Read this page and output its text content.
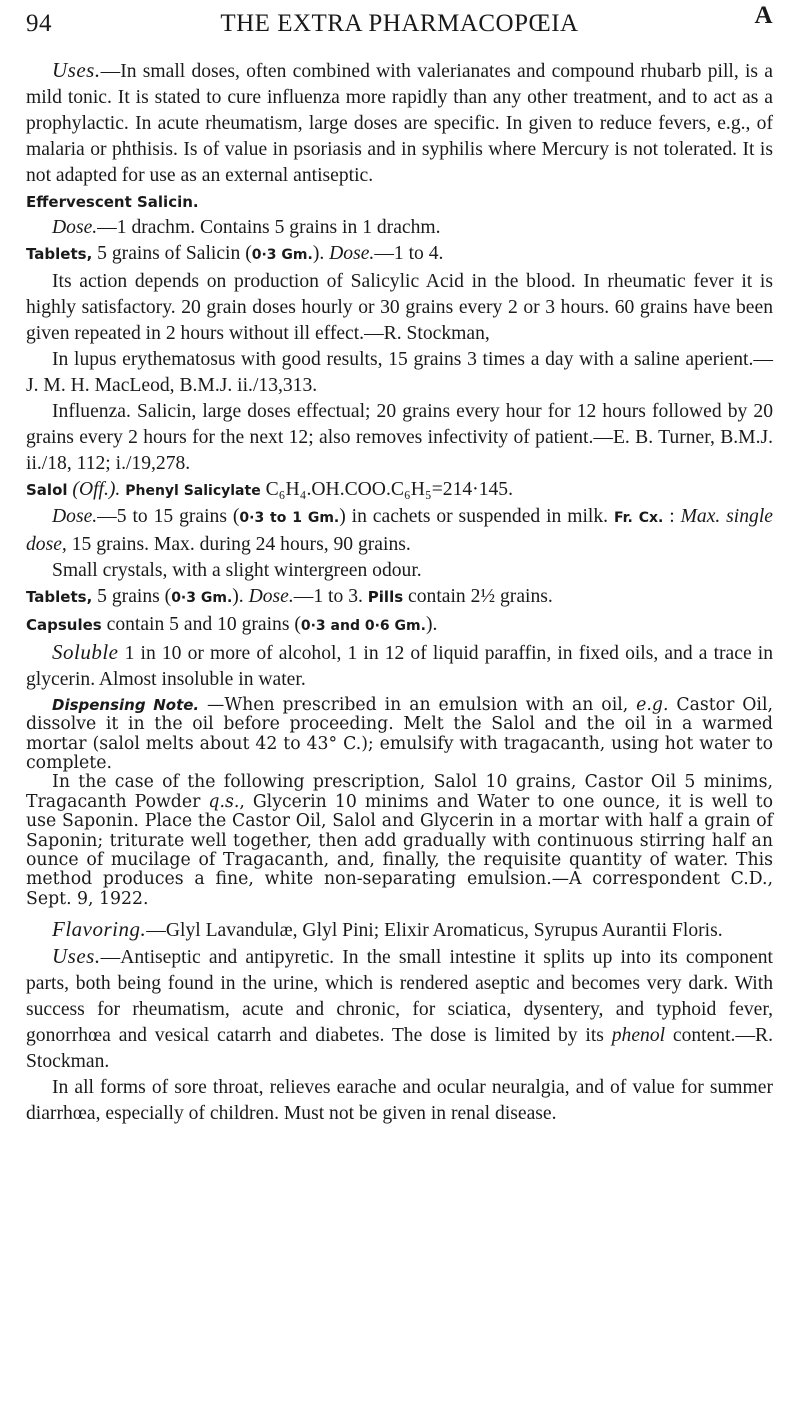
94	THE EXTRA PHARMACOPŒIA	A

Uses.—In small doses, often combined with valerianates and compound rhubarb pill, is a mild tonic. It is stated to cure influenza more rapidly than any other treatment, and to act as a prophylactic. In acute rheumatism, large doses are specific. In given to reduce fevers, e.g., of malaria or phthisis. Is of value in psoriasis and in syphilis where Mercury is not tolerated. It is not adapted for use as an external antiseptic.

Effervescent Salicin.

Dose.—1 drachm. Contains 5 grains in 1 drachm.

Tablets, 5 grains of Salicin (0·3 Gm.). Dose.—1 to 4.

Its action depends on production of Salicylic Acid in the blood. In rheumatic fever it is highly satisfactory. 20 grain doses hourly or 30 grains every 2 or 3 hours. 60 grains have been given repeated in 2 hours without ill effect.—R. Stockman,

In lupus erythematosus with good results, 15 grains 3 times a day with a saline aperient.—J. M. H. MacLeod, B.M.J. ii./13,313.

Influenza. Salicin, large doses effectual; 20 grains every hour for 12 hours followed by 20 grains every 2 hours for the next 12; also removes infectivity of patient.—E. B. Turner, B.M.J. ii./18, 112; i./19,278.

Salol (Off.). Phenyl Salicylate C₆H₄.OH.COO.C₆H₅=214·145.

Dose.—5 to 15 grains (0·3 to 1 Gm.) in cachets or suspended in milk. Fr. Cx. : Max. single dose, 15 grains. Max. during 24 hours, 90 grains.

Small crystals, with a slight wintergreen odour.

Tablets, 5 grains (0·3 Gm.). Dose.—1 to 3. Pills contain 2½ grains.

Capsules contain 5 and 10 grains (0·3 and 0·6 Gm.).

Soluble 1 in 10 or more of alcohol, 1 in 12 of liquid paraffin, in fixed oils, and a trace in glycerin. Almost insoluble in water.

Dispensing Note. —When prescribed in an emulsion with an oil, e.g. Castor Oil, dissolve it in the oil before proceeding. Melt the Salol and the oil in a warmed mortar (salol melts about 42 to 43° C.); emulsify with tragacanth, using hot water to complete.

In the case of the following prescription, Salol 10 grains, Castor Oil 5 minims, Tragacanth Powder q.s., Glycerin 10 minims and Water to one ounce, it is well to use Saponin. Place the Castor Oil, Salol and Glycerin in a mortar with half a grain of Saponin; triturate well together, then add gradually with continuous stirring half an ounce of mucilage of Tragacanth, and, finally, the requisite quantity of water. This method produces a fine, white non-separating emulsion.—A correspondent C.D., Sept. 9, 1922.

Flavoring.—Glyl Lavandulæ, Glyl Pini; Elixir Aromaticus, Syrupus Aurantii Floris.

Uses.—Antiseptic and antipyretic. In the small intestine it splits up into its component parts, both being found in the urine, which is rendered aseptic and becomes very dark. With success for rheumatism, acute and chronic, for sciatica, dysentery, and typhoid fever, gonorrhœa and vesical catarrh and diabetes. The dose is limited by its phenol content.—R. Stockman.

In all forms of sore throat, relieves earache and ocular neuralgia, and of value for summer diarrhœa, especially of children. Must not be given in renal disease.
